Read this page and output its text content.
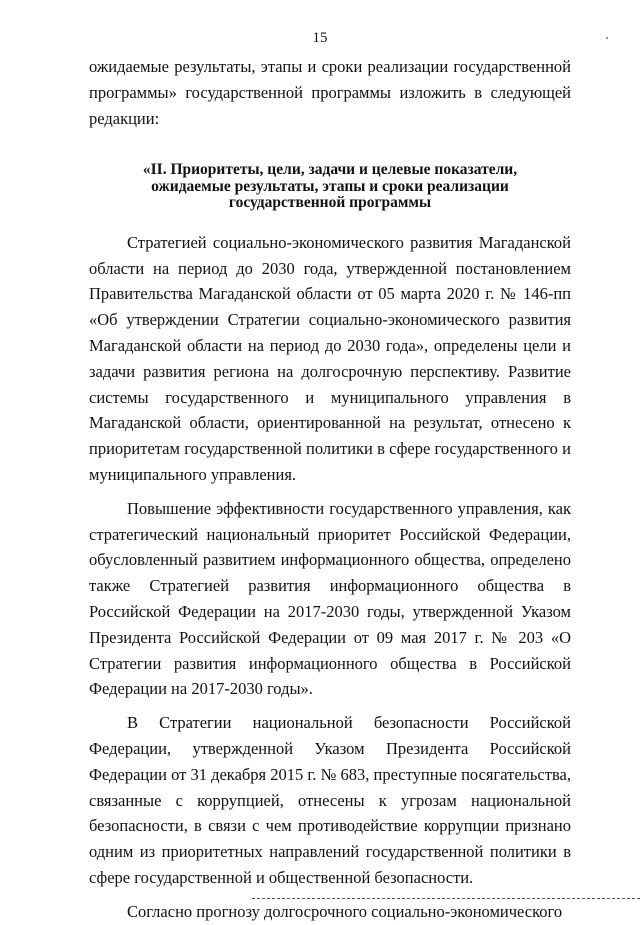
15

ожидаемые результаты, этапы и сроки реализации государственной программы» государственной программы изложить в следующей редакции:

«II. Приоритеты, цели, задачи и целевые показатели,
ожидаемые результаты, этапы и сроки реализации
государственной программы

Стратегией социально-экономического развития Магаданской области на период до 2030 года, утвержденной постановлением Правительства Магаданской области от 05 марта 2020 г. № 146-пп «Об утверждении Стратегии социально-экономического развития Магаданской области на период до 2030 года», определены цели и задачи развития региона на долгосрочную перспективу. Развитие системы государственного и муниципального управления в Магаданской области, ориентированной на результат, отнесено к приоритетам государственной политики в сфере государственного и муниципального управления.

Повышение эффективности государственного управления, как стратегический национальный приоритет Российской Федерации, обусловленный развитием информационного общества, определено также Стратегией развития информационного общества в Российской Федерации на 2017-2030 годы, утвержденной Указом Президента Российской Федерации от 09 мая 2017 г. № 203 «О Стратегии развития информационного общества в Российской Федерации на 2017-2030 годы».

В Стратегии национальной безопасности Российской Федерации, утвержденной Указом Президента Российской Федерации от 31 декабря 2015 г. № 683, преступные посягательства, связанные с коррупцией, отнесены к угрозам национальной безопасности, в связи с чем противодействие коррупции признано одним из приоритетных направлений государственной политики в сфере государственной и общественной безопасности.

Согласно прогнозу долгосрочного социально-экономического
